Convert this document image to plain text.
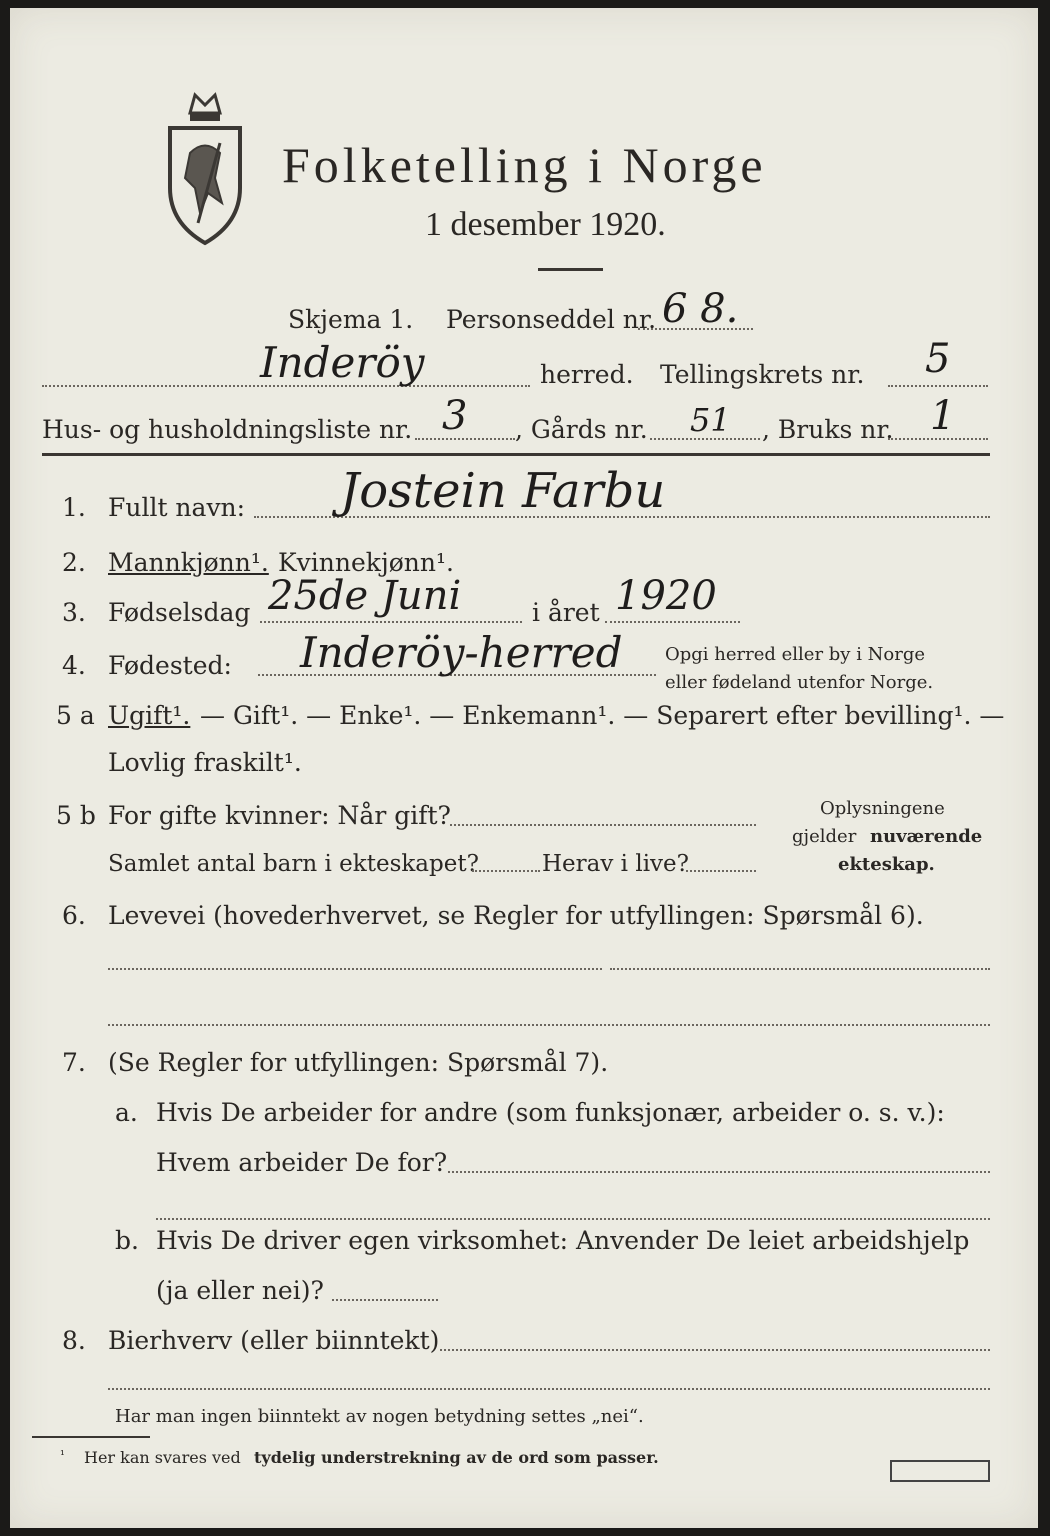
Folketelling i Norge
1 desember 1920.
Skjema 1. Personseddel nr. 6 8.
Inderöy	herred. Tellingskrets nr. 5
Hus- og husholdningsliste nr. 3 , Gårds nr. 51 , Bruks nr. 1
1. Fullt navn: Jostein Farbu
2. Mannkjønn¹. Kvinnekjønn¹.
3. Fødselsdag 25de Juni	i året 1920
4. Fødested: Inderöy-herred Opgi herred eller by i Norge
eller fødeland utenfor Norge.
5 a Ugift¹. — Gift¹. — Enke¹. — Enkemann¹. — Separert efter bevilling¹. —
Lovlig fraskilt¹.
5 b For gifte kvinner: Når gift?
Samlet antal barn i ekteskapet?	Herav i live?
Oplysningene
gjelder nuværende
ekteskap.
6. Levevei (hovederhvervet, se Regler for utfyllingen: Spørsmål 6).
7. (Se Regler for utfyllingen: Spørsmål 7).
a. Hvis De arbeider for andre (som funksjonær, arbeider o. s. v.):
Hvem arbeider De for?
b. Hvis De driver egen virksomhet: Anvender De leiet arbeidshjelp
(ja eller nei)?
8. Bierhverv (eller biinntekt)
Har man ingen biinntekt av nogen betydning settes „nei“.
¹ Her kan svares ved tydelig understrekning av de ord som passer.
